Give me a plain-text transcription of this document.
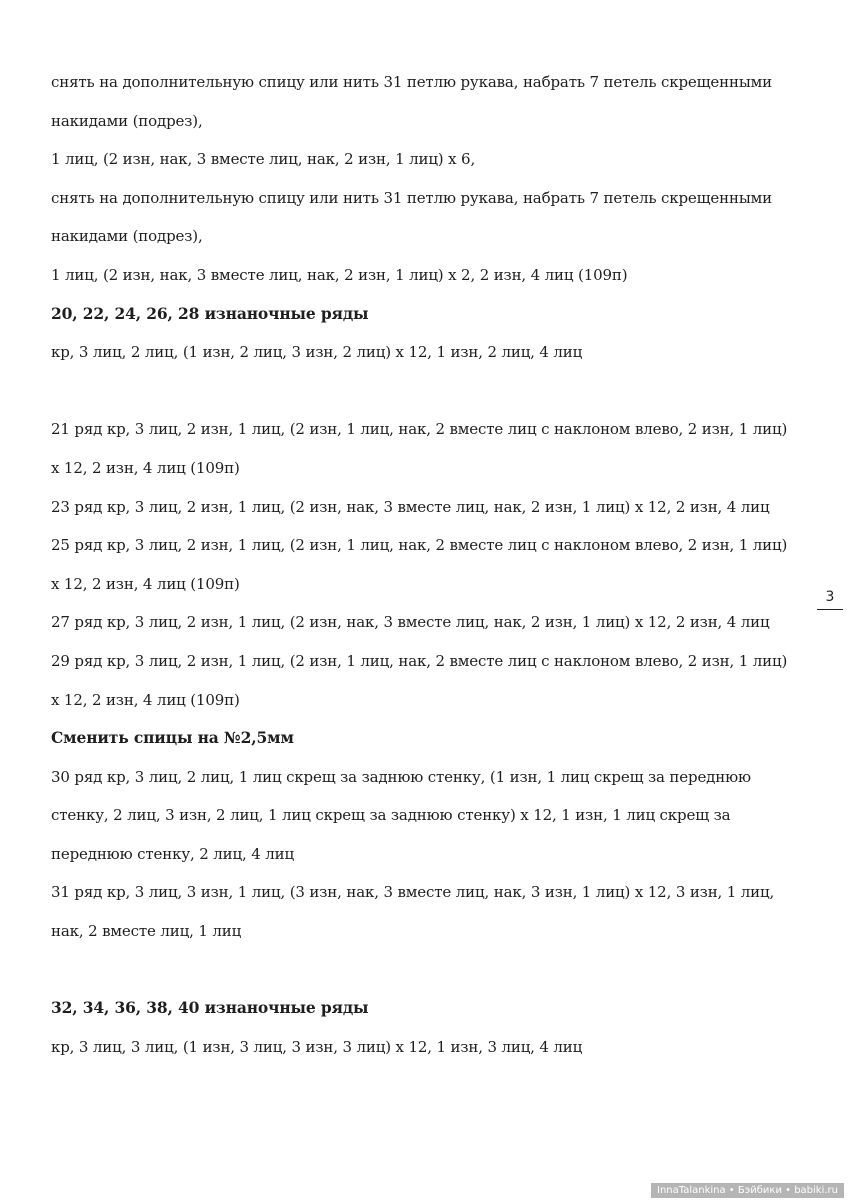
снять на дополнительную спицу или нить 31 петлю рукава, набрать 7 петель скрещенными
накидами (подрез),
1 лиц, (2 изн, нак, 3 вместе лиц, нак, 2 изн, 1 лиц) х 6,
снять на дополнительную спицу или нить 31 петлю рукава, набрать 7 петель скрещенными
накидами (подрез),
1 лиц, (2 изн, нак, 3 вместе лиц, нак, 2 изн, 1 лиц) х 2, 2 изн, 4 лиц (109п)
20, 22, 24, 26, 28 изнаночные ряды
кр, 3 лиц, 2 лиц, (1 изн, 2 лиц, 3 изн, 2 лиц) х 12, 1 изн, 2 лиц, 4 лиц
21 ряд кр, 3 лиц, 2 изн, 1 лиц, (2 изн, 1 лиц, нак, 2 вместе лиц с наклоном влево, 2 изн, 1 лиц)
х 12, 2 изн, 4 лиц (109п)
23 ряд кр, 3 лиц, 2 изн, 1 лиц, (2 изн, нак, 3 вместе лиц, нак, 2 изн, 1 лиц) х 12, 2 изн, 4 лиц
25 ряд кр, 3 лиц, 2 изн, 1 лиц, (2 изн, 1 лиц, нак, 2 вместе лиц с наклоном влево, 2 изн, 1 лиц)
х 12, 2 изн, 4 лиц (109п)
27 ряд кр, 3 лиц, 2 изн, 1 лиц, (2 изн, нак, 3 вместе лиц, нак, 2 изн, 1 лиц) х 12, 2 изн, 4 лиц
29 ряд кр, 3 лиц, 2 изн, 1 лиц, (2 изн, 1 лиц, нак, 2 вместе лиц с наклоном влево, 2 изн, 1 лиц)
х 12, 2 изн, 4 лиц (109п)
Сменить спицы на №2,5мм
30 ряд кр, 3 лиц, 2 лиц, 1 лиц скрещ за заднюю стенку, (1 изн, 1 лиц скрещ за переднюю
стенку, 2 лиц, 3 изн, 2 лиц, 1 лиц скрещ за заднюю стенку) х 12, 1 изн, 1 лиц скрещ за
переднюю стенку, 2 лиц, 4 лиц
31 ряд кр, 3 лиц, 3 изн, 1 лиц, (3 изн, нак, 3 вместе лиц, нак, 3 изн, 1 лиц) х 12, 3 изн, 1 лиц,
нак, 2 вместе лиц, 1 лиц
32, 34, 36, 38, 40 изнаночные ряды
кр, 3 лиц, 3 лиц, (1 изн, 3 лиц, 3 изн, 3 лиц) х 12, 1 изн, 3 лиц, 4 лиц
3
InnaTalankina • Бэйбики • babiki.ru
